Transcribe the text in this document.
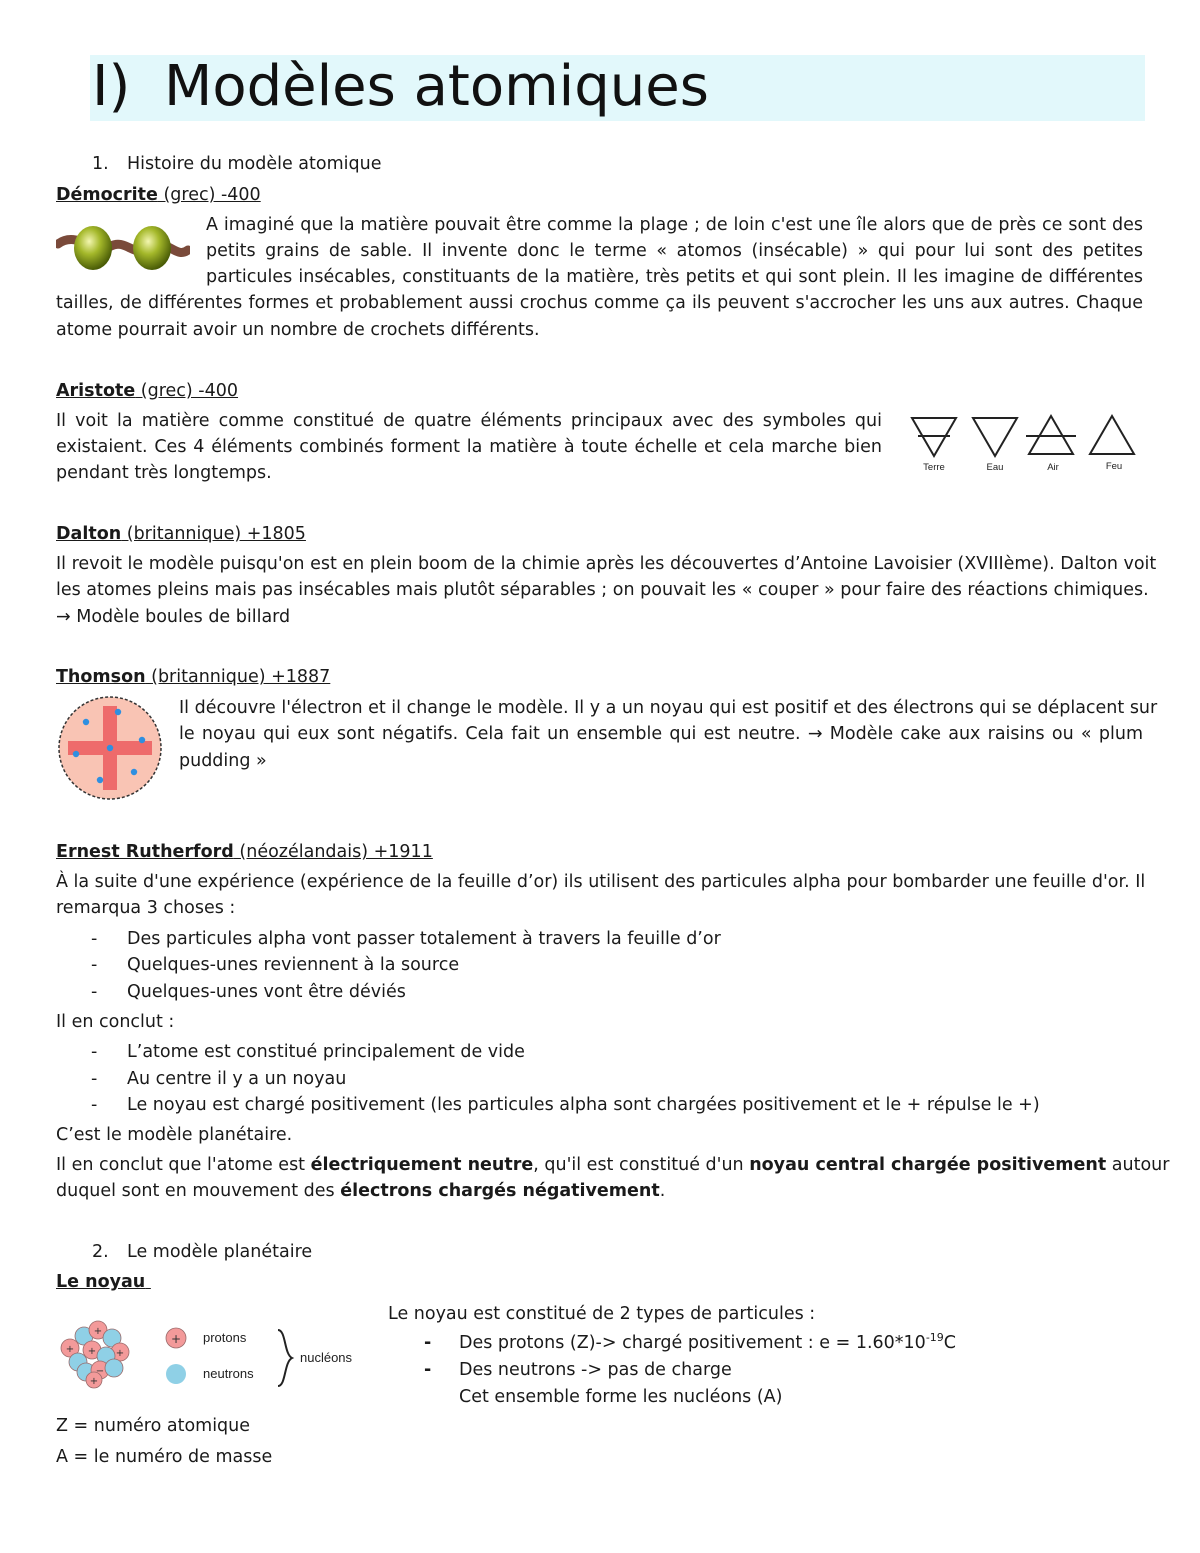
I) Modèles atomiques
1. Histoire du modèle atomique
Démocrite (grec) -400
A imaginé que la matière pouvait être comme la plage ; de loin c'est une île alors que de près ce sont des
petits grains de sable. Il invente donc le terme « atomos (insécable) » qui pour lui sont des petites
particules insécables, constituants de la matière, très petits et qui sont plein. Il les imagine de différentes
tailles, de différentes formes et probablement aussi crochus comme ça ils peuvent s'accrocher les uns aux autres. Chaque
atome pourrait avoir un nombre de crochets différents.
Aristote (grec) -400
Il voit la matière comme constitué de quatre éléments principaux avec des symboles qui
existaient. Ces 4 éléments combinés forment la matière à toute échelle et cela marche bien
pendant très longtemps.	Terre	Eau	Air	Feu
Dalton (britannique) +1805
Il revoit le modèle puisqu'on est en plein boom de la chimie après les découvertes d’Antoine Lavoisier (XVIIIème). Dalton voit
les atomes pleins mais pas insécables mais plutôt séparables ; on pouvait les « couper » pour faire des réactions chimiques.
→ Modèle boules de billard
Thomson (britannique) +1887
Il découvre l'électron et il change le modèle. Il y a un noyau qui est positif et des électrons qui se déplacent sur
le noyau qui eux sont négatifs. Cela fait un ensemble qui est neutre. → Modèle cake aux raisins ou « plum
pudding »
Ernest Rutherford (néozélandais) +1911
À la suite d'une expérience (expérience de la feuille d’or) ils utilisent des particules alpha pour bombarder une feuille d'or. Il
remarqua 3 choses :
- Des particules alpha vont passer totalement à travers la feuille d’or
- Quelques-unes reviennent à la source
- Quelques-unes vont être déviés
Il en conclut :
- L’atome est constitué principalement de vide
- Au centre il y a un noyau
- Le noyau est chargé positivement (les particules alpha sont chargées positivement et le + répulse le +)
C’est le modèle planétaire.
Il en conclut que l'atome est électriquement neutre, qu'il est constitué d'un noyau central chargée positivement autour
duquel sont en mouvement des électrons chargés négativement.
2. Le modèle planétaire
Le noyau
+
+
+
+
−
+
+ protons
neutrons
nucléons
Le noyau est constitué de 2 types de particules :
- Des protons (Z)-> chargé positivement : $e = 1.60*10^{-19}C$
- Des neutrons -> pas de charge
Cet ensemble forme les nucléons (A)
Z = numéro atomique
A = le numéro de masse
